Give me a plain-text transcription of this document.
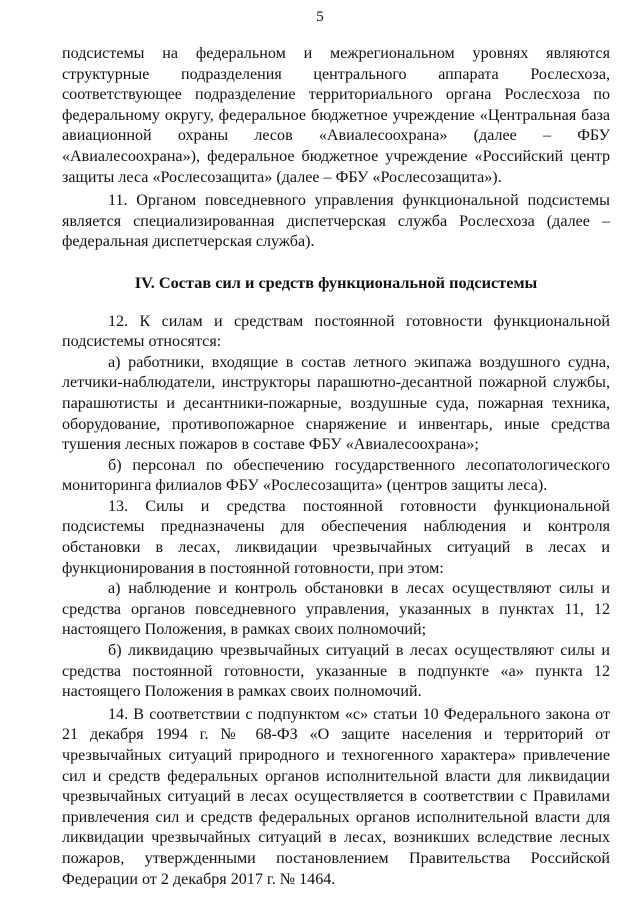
5

подсистемы на федеральном и межрегиональном уровнях являются структурные подразделения центрального аппарата Рослесхоза, соответствующее подразделение территориального органа Рослесхоза по федеральному округу, федеральное бюджетное учреждение «Центральная база авиационной охраны лесов «Авиалесоохрана» (далее – ФБУ «Авиалесоохрана»), федеральное бюджетное учреждение «Российский центр защиты леса «Рослесозащита» (далее – ФБУ «Рослесозащита»).

11. Органом повседневного управления функциональной подсистемы является специализированная диспетчерская служба Рослесхоза (далее – федеральная диспетчерская служба).

IV. Состав сил и средств функциональной подсистемы

12. К силам и средствам постоянной готовности функциональной подсистемы относятся:

а) работники, входящие в состав летного экипажа воздушного судна, летчики-наблюдатели, инструкторы парашютно-десантной пожарной службы, парашютисты и десантники-пожарные, воздушные суда, пожарная техника, оборудование, противопожарное снаряжение и инвентарь, иные средства тушения лесных пожаров в составе ФБУ «Авиалесоохрана»;

б) персонал по обеспечению государственного лесопатологического мониторинга филиалов ФБУ «Рослесозащита» (центров защиты леса).

13. Силы и средства постоянной готовности функциональной подсистемы предназначены для обеспечения наблюдения и контроля обстановки в лесах, ликвидации чрезвычайных ситуаций в лесах и функционирования в постоянной готовности, при этом:

а) наблюдение и контроль обстановки в лесах осуществляют силы и средства органов повседневного управления, указанных в пунктах 11, 12 настоящего Положения, в рамках своих полномочий;

б) ликвидацию чрезвычайных ситуаций в лесах осуществляют силы и средства постоянной готовности, указанные в подпункте «а» пункта 12 настоящего Положения в рамках своих полномочий.

14. В соответствии с подпунктом «с» статьи 10 Федерального закона от 21 декабря 1994 г. № 68-ФЗ «О защите населения и территорий от чрезвычайных ситуаций природного и техногенного характера» привлечение сил и средств федеральных органов исполнительной власти для ликвидации чрезвычайных ситуаций в лесах осуществляется в соответствии с Правилами привлечения сил и средств федеральных органов исполнительной власти для ликвидации чрезвычайных ситуаций в лесах, возникших вследствие лесных пожаров, утвержденными постановлением Правительства Российской Федерации от 2 декабря 2017 г. № 1464.
